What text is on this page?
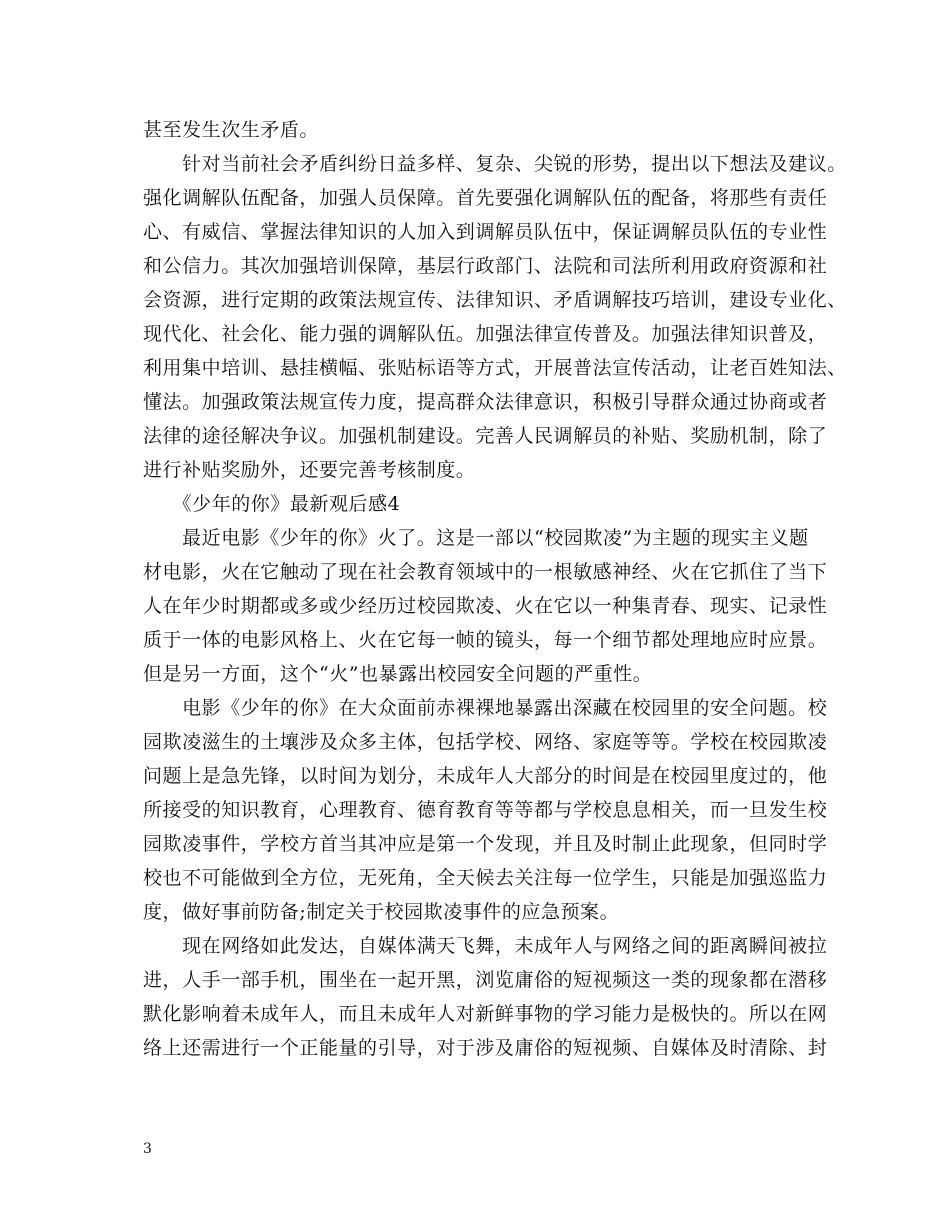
甚至发生次生矛盾。
　　针对当前社会矛盾纠纷日益多样、复杂、尖锐的形势，提出以下想法及建议。
强化调解队伍配备，加强人员保障。首先要强化调解队伍的配备，将那些有责任
心、有威信、掌握法律知识的人加入到调解员队伍中，保证调解员队伍的专业性
和公信力。其次加强培训保障，基层行政部门、法院和司法所利用政府资源和社
会资源，进行定期的政策法规宣传、法律知识、矛盾调解技巧培训，建设专业化、
现代化、社会化、能力强的调解队伍。加强法律宣传普及。加强法律知识普及，
利用集中培训、悬挂横幅、张贴标语等方式，开展普法宣传活动，让老百姓知法、
懂法。加强政策法规宣传力度，提高群众法律意识，积极引导群众通过协商或者
法律的途径解决争议。加强机制建设。完善人民调解员的补贴、奖励机制，除了
进行补贴奖励外，还要完善考核制度。
　　《少年的你》最新观后感4
　　最近电影《少年的你》火了。这是一部以“校园欺凌”为主题的现实主义题
材电影，火在它触动了现在社会教育领域中的一根敏感神经、火在它抓住了当下
人在年少时期都或多或少经历过校园欺凌、火在它以一种集青春、现实、记录性
质于一体的电影风格上、火在它每一帧的镜头，每一个细节都处理地应时应景。
但是另一方面，这个“火”也暴露出校园安全问题的严重性。
　　电影《少年的你》在大众面前赤裸裸地暴露出深藏在校园里的安全问题。校
园欺凌滋生的土壤涉及众多主体，包括学校、网络、家庭等等。学校在校园欺凌
问题上是急先锋，以时间为划分，未成年人大部分的时间是在校园里度过的，他
所接受的知识教育，心理教育、德育教育等等都与学校息息相关，而一旦发生校
园欺凌事件，学校方首当其冲应是第一个发现，并且及时制止此现象，但同时学
校也不可能做到全方位，无死角，全天候去关注每一位学生，只能是加强巡监力
度，做好事前防备;制定关于校园欺凌事件的应急预案。
　　现在网络如此发达，自媒体满天飞舞，未成年人与网络之间的距离瞬间被拉
进，人手一部手机，围坐在一起开黑，浏览庸俗的短视频这一类的现象都在潜移
默化影响着未成年人，而且未成年人对新鲜事物的学习能力是极快的。所以在网
络上还需进行一个正能量的引导，对于涉及庸俗的短视频、自媒体及时清除、封
3
